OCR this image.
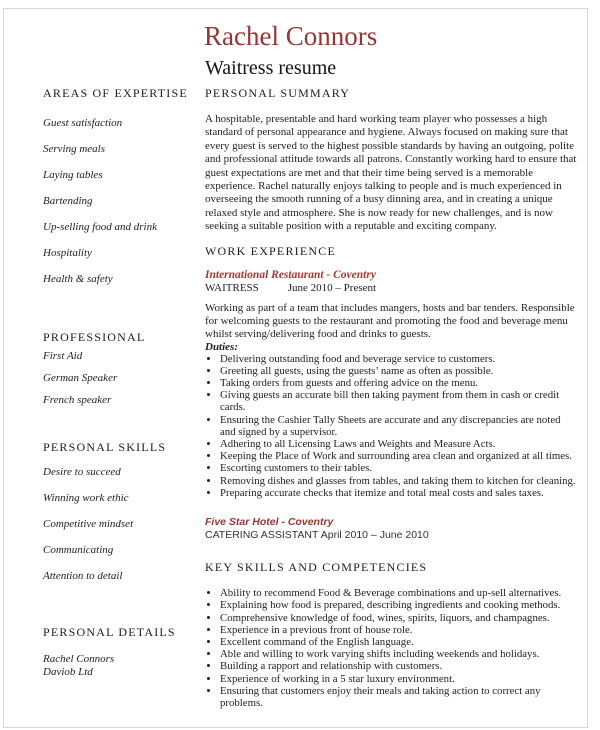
Rachel Connors
Waitress resume
AREAS OF EXPERTISE
Guest satisfaction
Serving meals
Laying tables
Bartending
Up-selling food and drink
Hospitality
Health & safety
PROFESSIONAL
First Aid
German Speaker
French speaker
PERSONAL SKILLS
Desire to succeed
Winning work ethic
Competitive mindset
Communicating
Attention to detail
PERSONAL DETAILS
Rachel Connors
Daviob Ltd
PERSONAL SUMMARY

A hospitable, presentable and hard working team player who possesses a high standard of personal appearance and hygiene. Always focused on making sure that every guest is served to the highest possible standards by having an outgoing, polite and professional attitude towards all patrons. Constantly working hard to ensure that guest expectations are met and that their time being served is a memorable experience. Rachel naturally enjoys talking to people and is much experienced in overseeing the smooth running of a busy dinning area, and in creating a unique relaxed style and atmosphere. She is now ready for new challenges, and is now seeking a suitable position with a reputable and exciting company.

WORK EXPERIENCE
International Restaurant - Coventry
WAITRESS	June 2010 – Present

Working as part of a team that includes mangers, hosts and bar tenders. Responsible for welcoming guests to the restaurant and promoting the food and beverage menu whilst serving/delivering food and drinks to guests.

Duties:
• Delivering outstanding food and beverage service to customers.
• Greeting all guests, using the guests’ name as often as possible.
• Taking orders from guests and offering advice on the menu.
• Giving guests an accurate bill then taking payment from them in cash or credit cards.
• Ensuring the Cashier Tally Sheets are accurate and any discrepancies are noted and signed by a supervisor.
• Adhering to all Licensing Laws and Weights and Measure Acts.
• Keeping the Place of Work and surrounding area clean and organized at all times.
• Escorting customers to their tables.
• Removing dishes and glasses from tables, and taking them to kitchen for cleaning.
• Preparing accurate checks that itemize and total meal costs and sales taxes.
Five Star Hotel - Coventry
CATERING ASSISTANT April 2010 – June 2010
KEY SKILLS AND COMPETENCIES
• Ability to recommend Food & Beverage combinations and up-sell alternatives.
• Explaining how food is prepared, describing ingredients and cooking methods.
• Comprehensive knowledge of food, wines, spirits, liquors, and champagnes.
• Experience in a previous front of house role.
• Excellent command of the English language.
• Able and willing to work varying shifts including weekends and holidays.
• Building a rapport and relationship with customers.
• Experience of working in a 5 star luxury environment.
• Ensuring that customers enjoy their meals and taking action to correct any problems.
